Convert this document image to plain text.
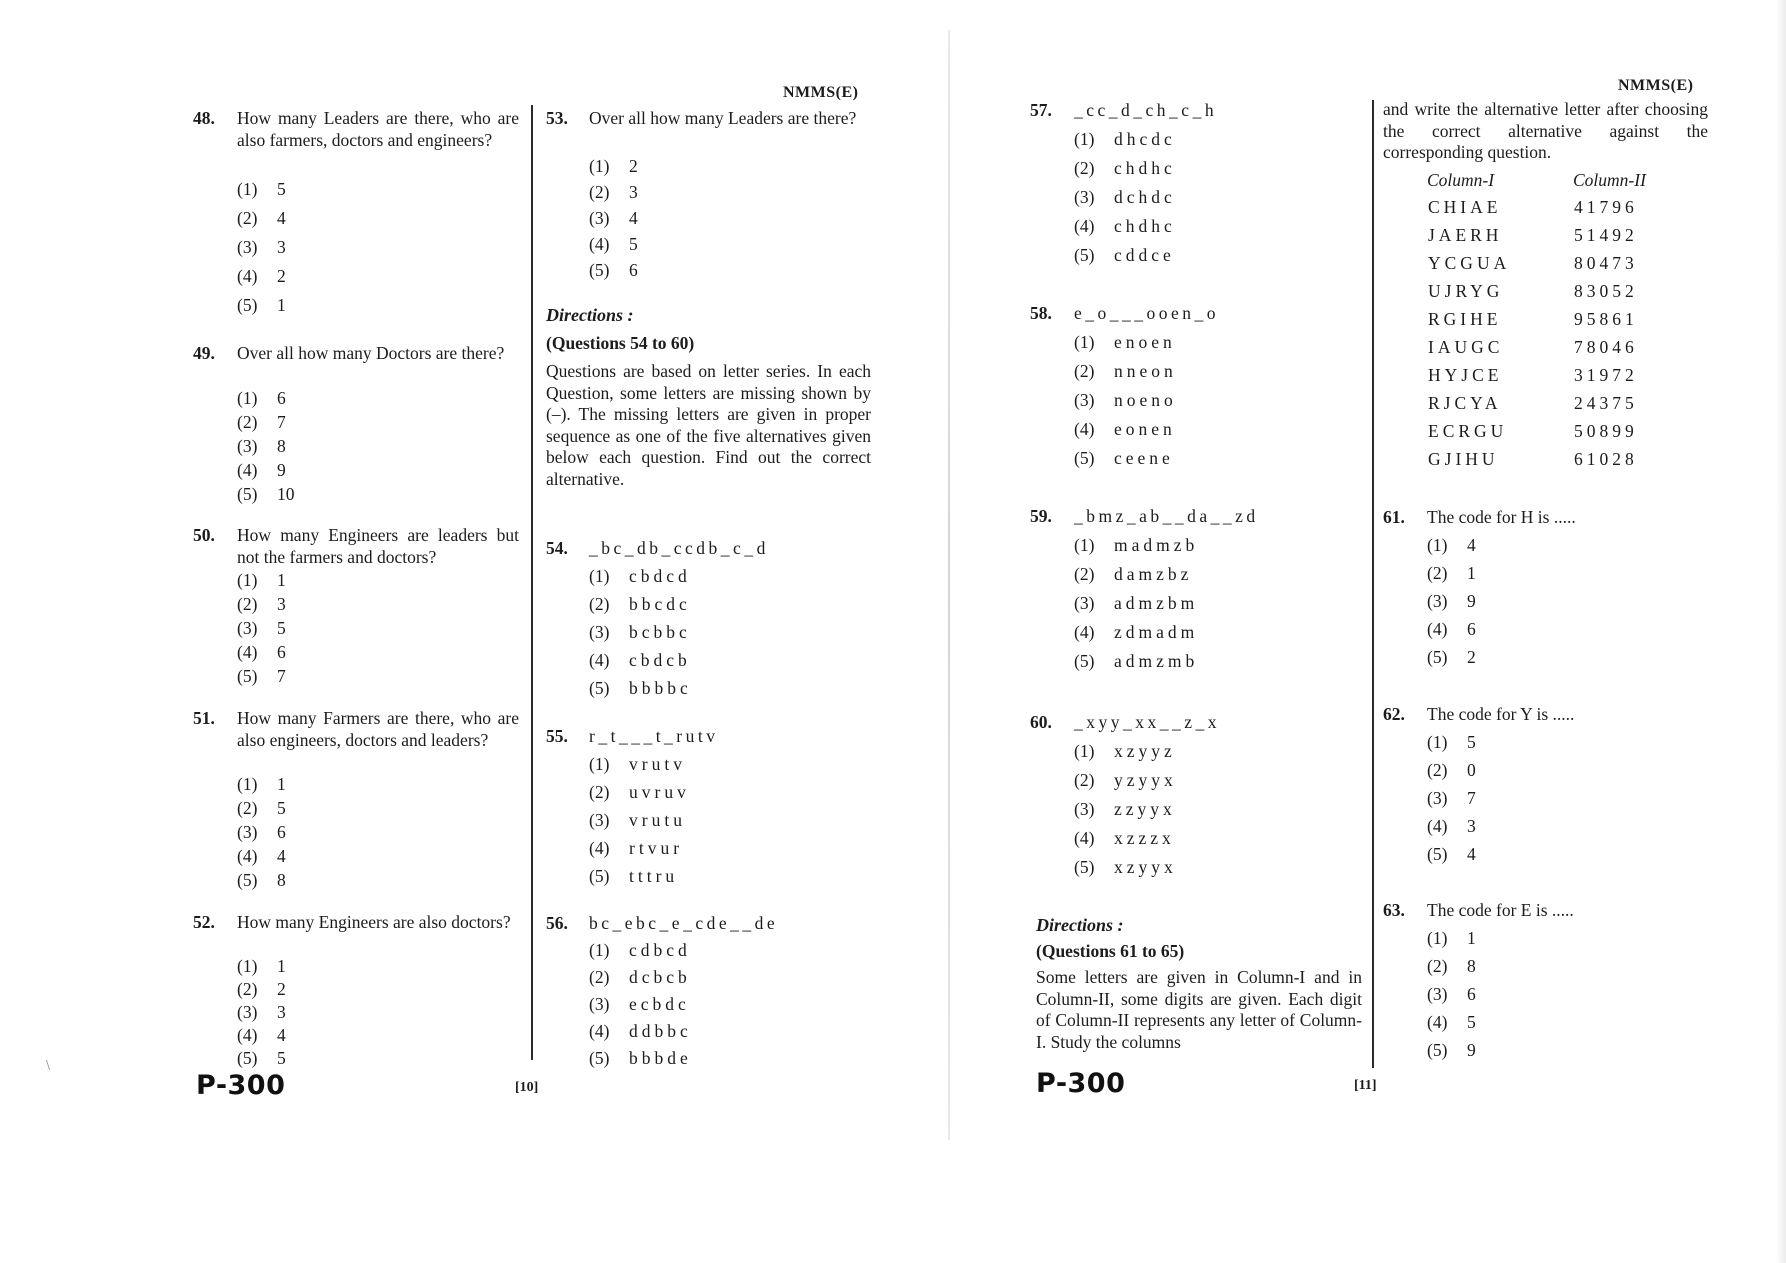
NMMS(E)
48. How many Leaders are there, who are also farmers, doctors and engineers?
(1) 5
(2) 4
(3) 3
(4) 2
(5) 1
49. Over all how many Doctors are there?
(1) 6
(2) 7
(3) 8
(4) 9
(5) 10
50. How many Engineers are leaders but not the farmers and doctors?
(1) 1
(2) 3
(3) 5
(4) 6
(5) 7
51. How many Farmers are there, who are also engineers, doctors and leaders?
(1) 1
(2) 5
(3) 6
(4) 4
(5) 8
52. How many Engineers are also doctors?
(1) 1
(2) 2
(3) 3
(4) 4
(5) 5
53. Over all how many Leaders are there?
(1) 2
(2) 3
(3) 4
(4) 5
(5) 6
Directions :
(Questions 54 to 60)
Questions are based on letter series. In each Question, some letters are missing shown by (–). The missing letters are given in proper sequence as one of the five alternatives given below each question. Find out the correct alternative.
54. _bc_db_ccdb_c_d
(1) cbdcd
(2) bbcdc
(3) bcbbc
(4) cbdcb
(5) bbbbc
55. r_t___t_rutv
(1) vrutv
(2) uvruv
(3) vrutu
(4) rtvur
(5) tttru
56. bc_ebc_e_cde__de
(1) cdbcd
(2) dcbcb
(3) ecbdc
(4) ddbbc
(5) bbbde
P-300	[10]
NMMS(E)
57. _cc_d_ch_c_h
(1) dhcdc
(2) chdhc
(3) dchdc
(4) chdhc
(5) cddce
58. e_o___ooen_o
(1) enoen
(2) nneon
(3) noeno
(4) eonen
(5) ceene
59. _bmz_ab__da__zd
(1) madmzb
(2) damzbz
(3) admzbm
(4) zdmadm
(5) admzmb
60. _xyy_xx__z_x
(1) xzyyz
(2) yzyyx
(3) zzyyx
(4) xzzzx
(5) xzyyx
Directions :
(Questions 61 to 65)
Some letters are given in Column-I and in Column-II, some digits are given. Each digit of Column-II represents any letter of Column-I. Study the columns
and write the alternative letter after choosing the correct alternative against the corresponding question.
Column-I	Column-II
CHIAE	41796
JAERH	51492
YCGUA	80473
UJRYG	83052
RGIHE	95861
IAUGC	78046
HYJCE	31972
RJCYA	24375
ECRGU	50899
GJIHU	61028
61. The code for H is .....
(1) 4
(2) 1
(3) 9
(4) 6
(5) 2
62. The code for Y is .....
(1) 5
(2) 0
(3) 7
(4) 3
(5) 4
63. The code for E is .....
(1) 1
(2) 8
(3) 6
(4) 5
(5) 9
P-300	[11]
\
